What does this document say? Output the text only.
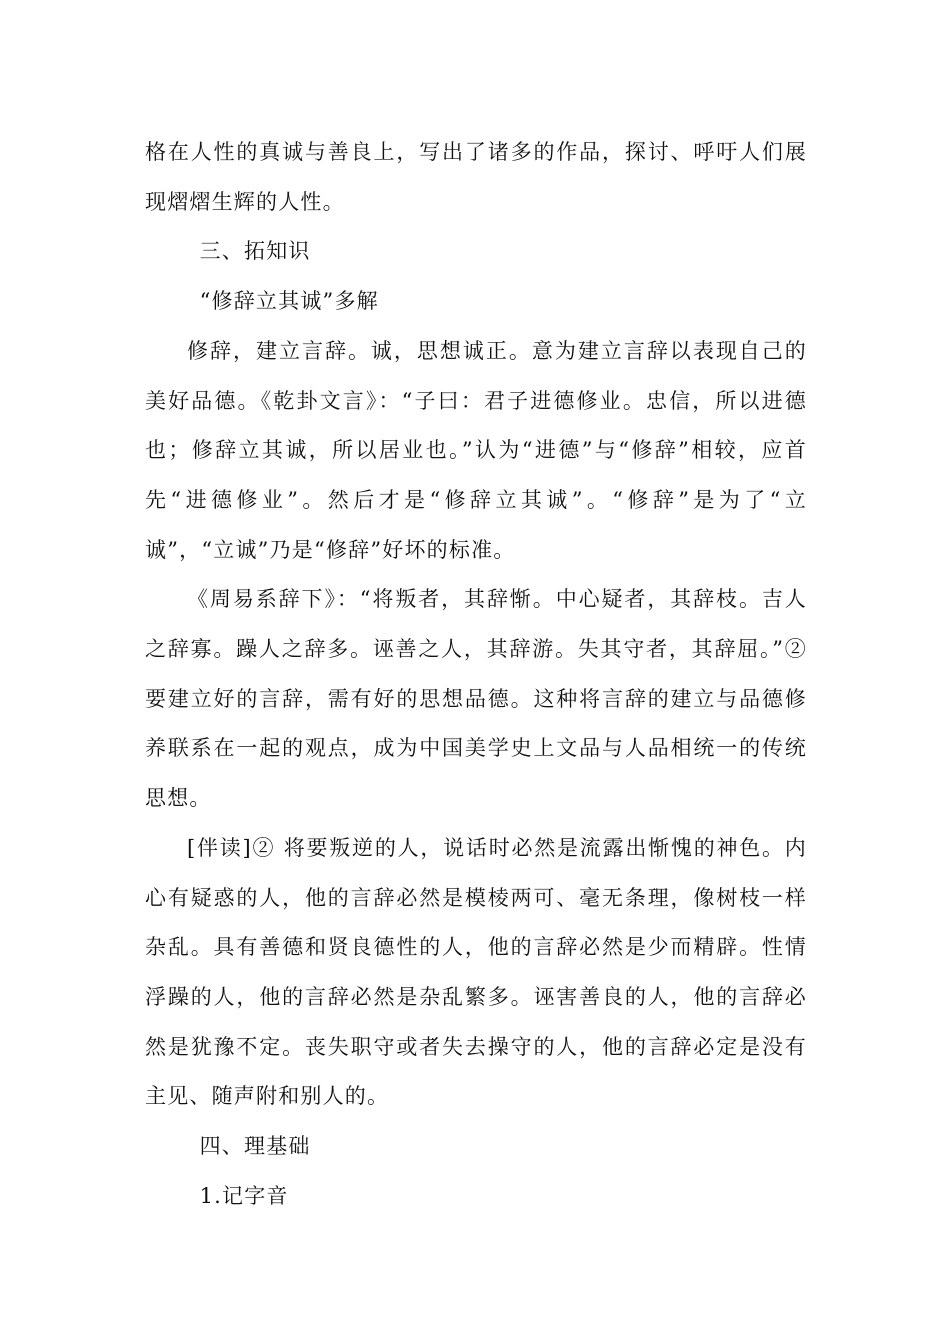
格在人性的真诚与善良上，写出了诸多的作品，探讨、呼吁人们展现熠熠生辉的人性。

三、拓知识

“修辞立其诚”多解

修辞，建立言辞。诚，思想诚正。意为建立言辞以表现自己的美好品德。《乾卦文言》：“子曰：君子进德修业。忠信，所以进德也；修辞立其诚，所以居业也。”认为“进德”与“修辞”相较，应首先“进德修业”。然后才是“修辞立其诚”。“修辞”是为了“立诚”，“立诚”乃是“修辞”好坏的标准。

《周易系辞下》：“将叛者，其辞惭。中心疑者，其辞枝。吉人之辞寡。躁人之辞多。诬善之人，其辞游。失其守者，其辞屈。”②要建立好的言辞，需有好的思想品德。这种将言辞的建立与品德修养联系在一起的观点，成为中国美学史上文品与人品相统一的传统思想。

[伴读]② 将要叛逆的人，说话时必然是流露出惭愧的神色。内心有疑惑的人，他的言辞必然是模棱两可、毫无条理，像树枝一样杂乱。具有善德和贤良德性的人，他的言辞必然是少而精辟。性情浮躁的人，他的言辞必然是杂乱繁多。诬害善良的人，他的言辞必然是犹豫不定。丧失职守或者失去操守的人，他的言辞必定是没有主见、随声附和别人的。

四、理基础

1.记字音
